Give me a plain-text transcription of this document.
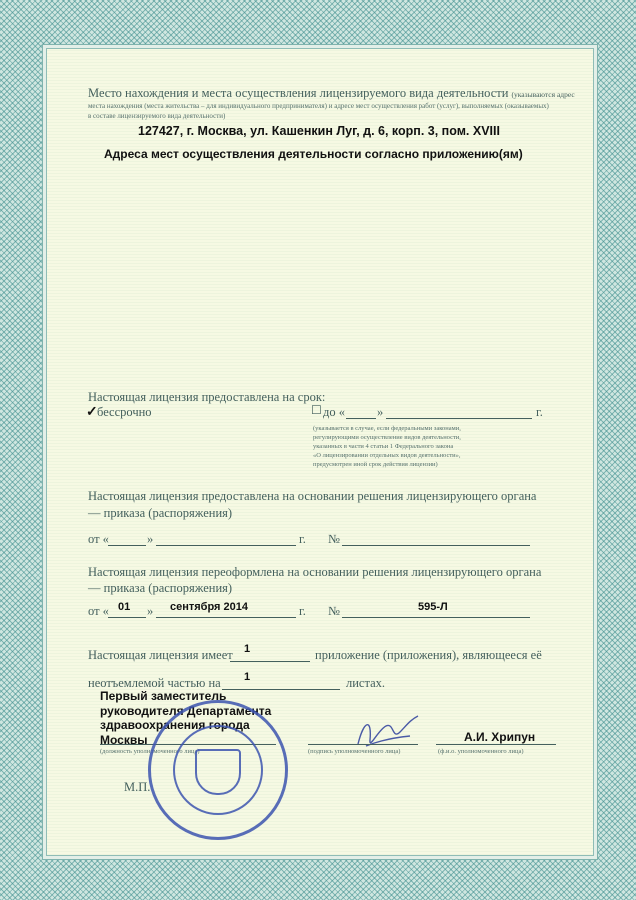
Место нахождения и места осуществления лицензируемого вида деятельности (указываются адрес
места нахождения (места жительства – для индивидуального предпринимателя) и адресе мест осуществления работ (услуг), выполняемых (оказываемых)
в составе лицензируемого вида деятельности)
127427, г. Москва, ул. Кашенкин Луг, д. 6, корп. 3, пом. XVIII
Адреса мест осуществления деятельности согласно приложению(ям)
Настоящая лицензия предоставлена на срок:
✓ бессрочно	☐ до «	»	г.
(указывается в случае, если федеральными законами,
регулирующими осуществление видов деятельности,
указанных в части 4 статьи 1 Федерального закона
«О лицензировании отдельных видов деятельности»,
предусмотрен иной срок действия лицензии)
Настоящая лицензия предоставлена на основании решения лицензирующего органа
— приказа (распоряжения)
от «	»	г. №
Настоящая лицензия переоформлена на основании решения лицензирующего органа
— приказа (распоряжения)
от « 01 » сентября 2014	г. №	595-Л
Настоящая лицензия имеет 1	приложение (приложения), являющееся её
неотъемлемой частью на 1	листах.
Первый заместитель
руководителя Департамента
здравоохранения города
Москвы
(должность уполномоченного лица)	(подпись уполномоченного лица)
А.И. Хрипун
(ф.и.о. уполномоченного лица)
М.П.
